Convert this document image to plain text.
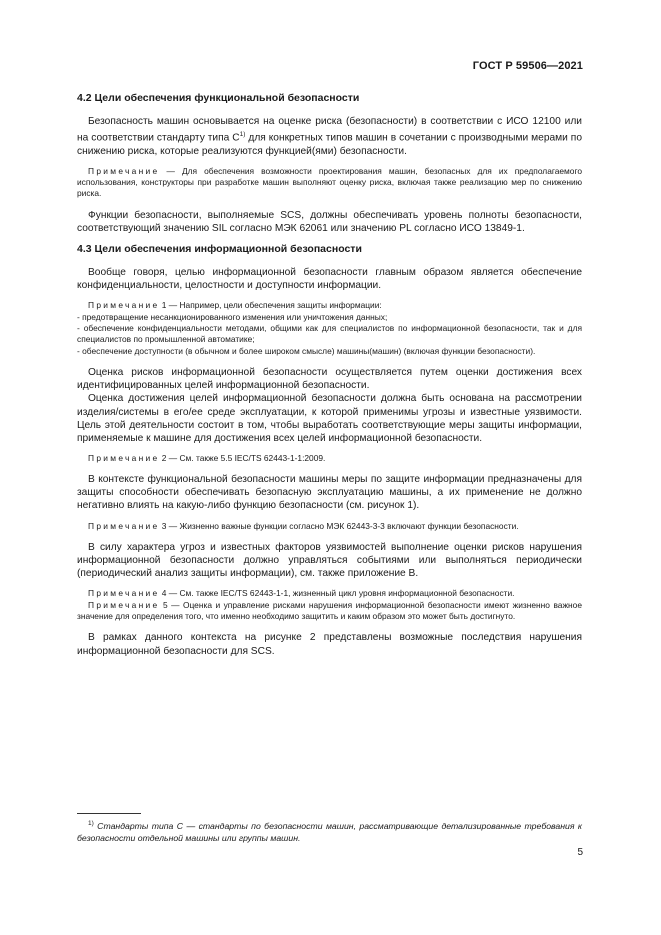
ГОСТ Р 59506—2021
4.2 Цели обеспечения функциональной безопасности

Безопасность машин основывается на оценке риска (безопасности) в соответствии с ИСО 12100 или на соответствии стандарту типа $С^{1)}$ для конкретных типов машин в сочетании с производными мерами по снижению риска, которые реализуются функцией(ями) безопасности.

Примечание — Для обеспечения возможности проектирования машин, безопасных для их предполагаемого использования, конструкторы при разработке машин выполняют оценку риска, включая также реализацию мер по снижению риска.

Функции безопасности, выполняемые SCS, должны обеспечивать уровень полноты безопасности, соответствующий значению SIL согласно МЭК 62061 или значению PL согласно ИСО 13849-1.

4.3 Цели обеспечения информационной безопасности

Вообще говоря, целью информационной безопасности главным образом является обеспечение конфиденциальности, целостности и доступности информации.

Примечание 1 — Например, цели обеспечения защиты информации:

- предотвращение несанкционированного изменения или уничтожения данных;

- обеспечение конфиденциальности методами, общими как для специалистов по информационной безопасности, так и для специалистов по промышленной автоматике;

- обеспечение доступности (в обычном и более широком смысле) машины(машин) (включая функции безопасности).

Оценка рисков информационной безопасности осуществляется путем оценки достижения всех идентифицированных целей информационной безопасности.

Оценка достижения целей информационной безопасности должна быть основана на рассмотрении изделия/системы в его/ее среде эксплуатации, к которой применимы угрозы и известные уязвимости. Цель этой деятельности состоит в том, чтобы выработать соответствующие меры защиты информации, применяемые к машине для достижения всех целей информационной безопасности.

Примечание 2 — См. также 5.5 IEC/TS 62443-1-1:2009.

В контексте функциональной безопасности машины меры по защите информации предназначены для защиты способности обеспечивать безопасную эксплуатацию машины, а их применение не должно негативно влиять на какую-либо функцию безопасности (см. рисунок 1).

Примечание 3 — Жизненно важные функции согласно МЭК 62443-3-3 включают функции безопасности.

В силу характера угроз и известных факторов уязвимостей выполнение оценки рисков нарушения информационной безопасности должно управляться событиями или выполняться периодически (периодический анализ защиты информации), см. также приложение В.

Примечание 4 — См. также IEC/TS 62443-1-1, жизненный цикл уровня информационной безопасности.

Примечание 5 — Оценка и управление рисками нарушения информационной безопасности имеют жизненно важное значение для определения того, что именно необходимо защитить и каким образом это может быть достигнуто.

В рамках данного контекста на рисунке 2 представлены возможные последствия нарушения информационной безопасности для SCS.

$^{1)}$ Стандарты типа С — стандарты по безопасности машин, рассматривающие детализированные требования к безопасности отдельной машины или группы машин.

5
